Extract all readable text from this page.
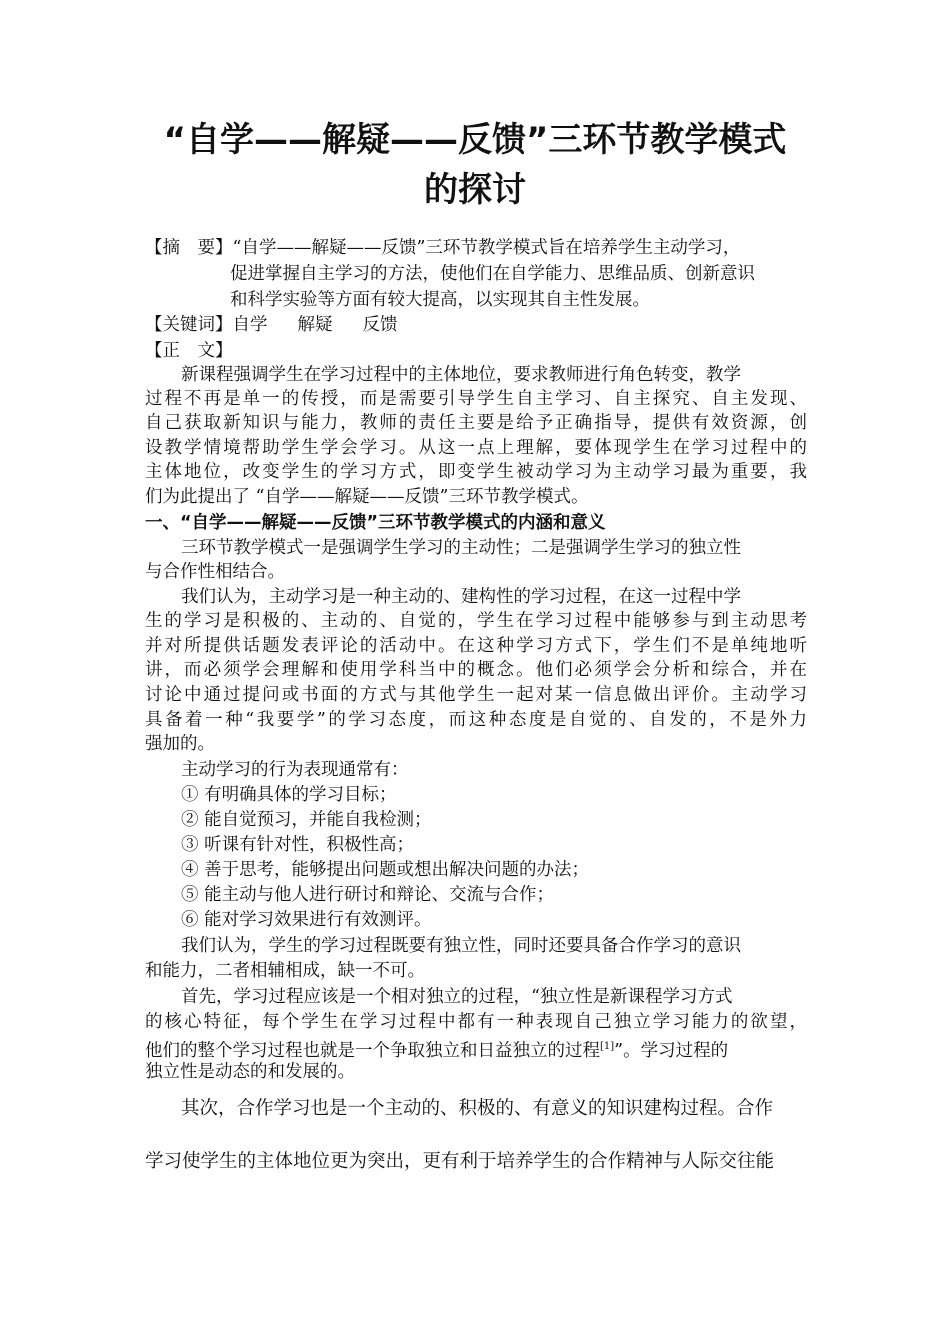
“自学——解疑——反馈”三环节教学模式
的探讨
【摘　要】“自学——解疑——反馈”三环节教学模式旨在培养学生主动学习，
促进掌握自主学习的方法，使他们在自学能力、思维品质、创新意识
和科学实验等方面有较大提高，以实现其自主性发展。
【关键词】自学 解疑 反馈
【正　文】
新课程强调学生在学习过程中的主体地位，要求教师进行角色转变，教学
过程不再是单一的传授，而是需要引导学生自主学习、自主探究、自主发现、
自己获取新知识与能力，教师的责任主要是给予正确指导，提供有效资源，创
设教学情境帮助学生学会学习。从这一点上理解，要体现学生在学习过程中的
主体地位，改变学生的学习方式，即变学生被动学习为主动学习最为重要，我
们为此提出了 “自学——解疑——反馈”三环节教学模式。
一、“自学——解疑——反馈”三环节教学模式的内涵和意义
三环节教学模式一是强调学生学习的主动性；二是强调学生学习的独立性
与合作性相结合。
我们认为，主动学习是一种主动的、建构性的学习过程，在这一过程中学
生的学习是积极的、主动的、自觉的，学生在学习过程中能够参与到主动思考
并对所提供话题发表评论的活动中。在这种学习方式下，学生们不是单纯地听
讲，而必须学会理解和使用学科当中的概念。他们必须学会分析和综合，并在
讨论中通过提问或书面的方式与其他学生一起对某一信息做出评价。主动学习
具备着一种“我要学”的学习态度，而这种态度是自觉的、自发的，不是外力
强加的。
主动学习的行为表现通常有：
① 有明确具体的学习目标；
② 能自觉预习，并能自我检测；
③ 听课有针对性，积极性高；
④ 善于思考，能够提出问题或想出解决问题的办法；
⑤ 能主动与他人进行研讨和辩论、交流与合作；
⑥ 能对学习效果进行有效测评。
我们认为，学生的学习过程既要有独立性，同时还要具备合作学习的意识
和能力，二者相辅相成，缺一不可。
首先，学习过程应该是一个相对独立的过程，“独立性是新课程学习方式
的核心特征，每个学生在学习过程中都有一种表现自己独立学习能力的欲望，
他们的整个学习过程也就是一个争取独立和日益独立的过程[1]”。学习过程的
独立性是动态的和发展的。
其次，合作学习也是一个主动的、积极的、有意义的知识建构过程。合作
学习使学生的主体地位更为突出，更有利于培养学生的合作精神与人际交往能
